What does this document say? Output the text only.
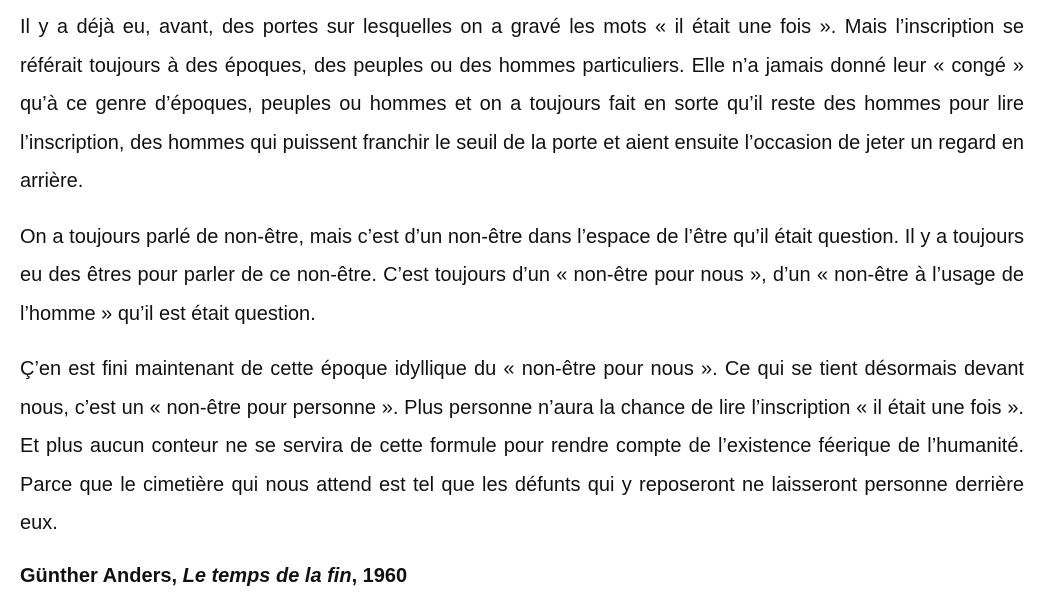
Il y a déjà eu, avant, des portes sur lesquelles on a gravé les mots « il était une fois ». Mais l’inscription se référait toujours à des époques, des peuples ou des hommes particuliers. Elle n’a jamais donné leur « congé » qu’à ce genre d’époques, peuples ou hommes et on a toujours fait en sorte qu’il reste des hommes pour lire l’inscription, des hommes qui puissent franchir le seuil de la porte et aient ensuite l’occasion de jeter un regard en arrière.

On a toujours parlé de non-être, mais c’est d’un non-être dans l’espace de l’être qu’il était question. Il y a toujours eu des êtres pour parler de ce non-être. C’est toujours d’un « non-être pour nous », d’un « non-être à l’usage de l’homme » qu’il est était question.

Ç’en est fini maintenant de cette époque idyllique du « non-être pour nous ». Ce qui se tient désormais devant nous, c’est un « non-être pour personne ». Plus personne n’aura la chance de lire l’inscription « il était une fois ». Et plus aucun conteur ne se servira de cette formule pour rendre compte de l’existence féerique de l’humanité. Parce que le cimetière qui nous attend est tel que les défunts qui y reposeront ne laisseront personne derrière eux.

Günther Anders, Le temps de la fin, 1960
